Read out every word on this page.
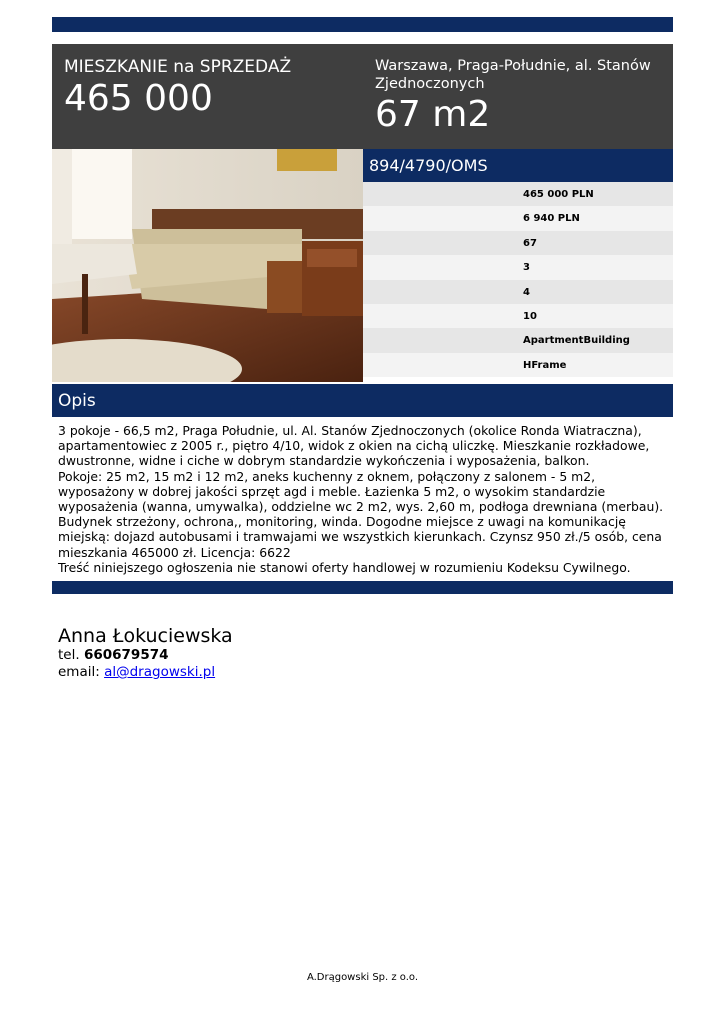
MIESZKANIE na SPRZEDAŻ
465 000
Warszawa, Praga-Południe, al. Stanów Zjednoczonych
67 m2
894/4790/OMS
465 000 PLN
6 940 PLN
67
3
4
10
ApartmentBuilding
HFrame
Opis
3 pokoje - 66,5 m2, Praga Południe, ul. Al. Stanów Zjednoczonych (okolice Ronda Wiatraczna), apartamentowiec z 2005 r., piętro 4/10, widok z okien na cichą uliczkę. Mieszkanie rozkładowe, dwustronne, widne i ciche w dobrym standardzie wykończenia i wyposażenia, balkon.
Pokoje: 25 m2, 15 m2 i 12 m2, aneks kuchenny z oknem, połączony z salonem - 5 m2, wyposażony w dobrej jakości sprzęt agd i meble. Łazienka 5 m2, o wysokim standardzie wyposażenia (wanna, umywalka), oddzielne wc 2 m2, wys. 2,60 m, podłoga drewniana (merbau). Budynek strzeżony, ochrona,, monitoring, winda. Dogodne miejsce z uwagi na komunikację miejską: dojazd autobusami i tramwajami we wszystkich kierunkach. Czynsz 950 zł./5 osób, cena mieszkania 465000 zł. Licencja: 6622
Treść niniejszego ogłoszenia nie stanowi oferty handlowej w rozumieniu Kodeksu Cywilnego.
Anna Łokuciewska
tel. 660679574
email: al@dragowski.pl
A.Drągowski Sp. z o.o.
